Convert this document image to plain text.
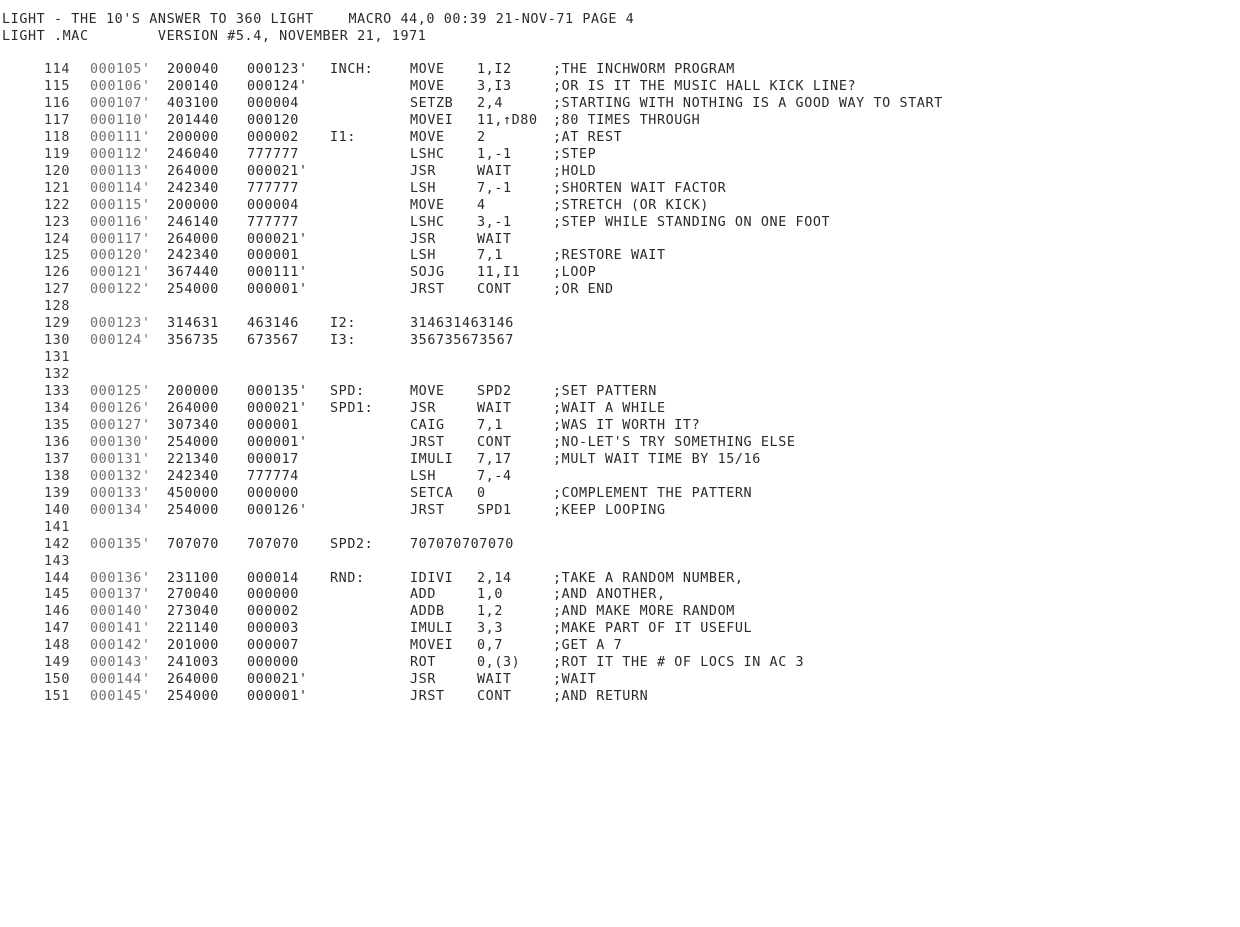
LIGHT - THE 10'S ANSWER TO 360 LIGHT    MACRO 44,0 00:39 21-NOV-71 PAGE 4
LIGHT .MAC        VERSION #5.4, NOVEMBER 21, 1971
114 000105' 200040 000123' INCH:	MOVE 1,I2	;THE INCHWORM PROGRAM
115 000106' 200140 000124'	MOVE 3,I3	;OR IS IT THE MUSIC HALL KICK LINE?
116 000107' 403100 000004	SETZB 2,4	;STARTING WITH NOTHING IS A GOOD WAY TO START
117 000110' 201440 000120	MOVEI 11,↑D80 ;80 TIMES THROUGH
118 000111' 200000 000002 I1:	MOVE 2	;AT REST
119 000112' 246040 777777	LSHC 1,-1	;STEP
120 000113' 264000 000021'	JSR	WAIT	;HOLD
121 000114' 242340 777777	LSH	7,-1	;SHORTEN WAIT FACTOR
122 000115' 200000 000004	MOVE 4	;STRETCH (OR KICK)
123 000116' 246140 777777	LSHC 3,-1	;STEP WHILE STANDING ON ONE FOOT
124 000117' 264000 000021'	JSR	WAIT
125 000120' 242340 000001	LSH	7,1	;RESTORE WAIT
126 000121' 367440 000111'	SOJG 11,I1 ;LOOP
127 000122' 254000 000001'	JRST CONT	;OR END
128
129 000123' 314631 463146 I2:	314631463146
130 000124' 356735 673567 I3:	356735673567
131
132
133 000125' 200000 000135' SPD:	MOVE SPD2	;SET PATTERN
134 000126' 264000 000021' SPD1:	JSR	WAIT	;WAIT A WHILE
135 000127' 307340 000001	CAIG 7,1	;WAS IT WORTH IT?
136 000130' 254000 000001'	JRST CONT	;NO-LET'S TRY SOMETHING ELSE
137 000131' 221340 000017	IMULI 7,17	;MULT WAIT TIME BY 15/16
138 000132' 242340 777774	LSH	7,-4
139 000133' 450000 000000	SETCA 0	;COMPLEMENT THE PATTERN
140 000134' 254000 000126'	JRST SPD1	;KEEP LOOPING
141
142 000135' 707070 707070 SPD2:	707070707070
143
144 000136' 231100 000014 RND:	IDIVI 2,14	;TAKE A RANDOM NUMBER,
145 000137' 270040 000000	ADD	1,0	;AND ANOTHER,
146 000140' 273040 000002	ADDB 1,2	;AND MAKE MORE RANDOM
147 000141' 221140 000003	IMULI 3,3	;MAKE PART OF IT USEFUL
148 000142' 201000 000007	MOVEI 0,7	;GET A 7
149 000143' 241003 000000	ROT	0,(3) ;ROT IT THE # OF LOCS IN AC 3
150 000144' 264000 000021'	JSR	WAIT	;WAIT
151 000145' 254000 000001'	JRST CONT	;AND RETURN
